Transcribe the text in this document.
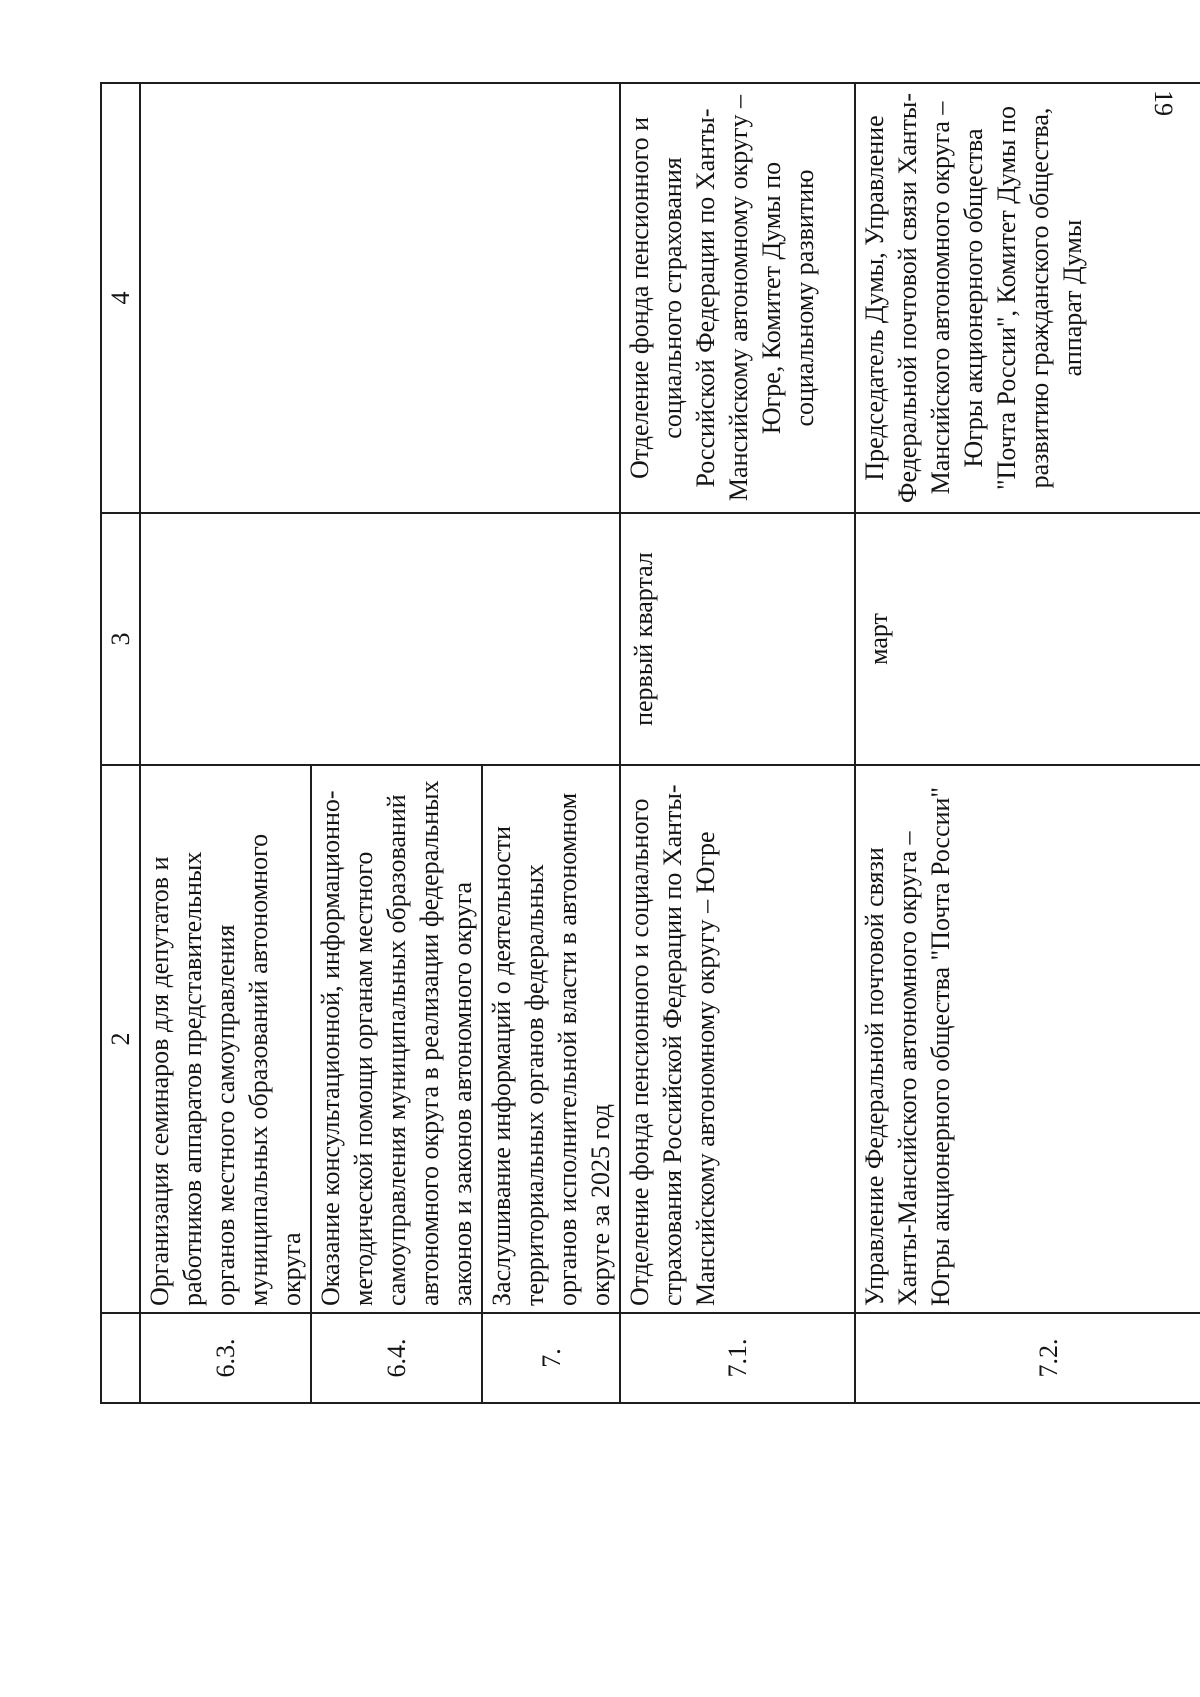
19
	2	3	4
6.3.	Организация семинаров для депутатов и работников аппаратов представительных органов местного самоуправления муниципальных образований автономного округа		
6.4.	Оказание консультационной, информационно-методической помощи органам местного самоуправления муниципальных образований автономного округа в реализации федеральных законов и законов автономного округа		
7.	Заслушивание информаций о деятельности территориальных органов федеральных органов исполнительной власти в автономном округе за 2025 год		
7.1.	Отделение фонда пенсионного и социального страхования Российской Федерации по Ханты-Мансийскому автономному округу – Югре	первый квартал	Отделение фонда пенсионного и социального страхования Российской Федерации по Ханты-Мансийскому автономному округу – Югре, Комитет Думы по социальному развитию
7.2.	Управление Федеральной почтовой связи Ханты-Мансийского автономного округа – Югры акционерного общества "Почта России"	март	Председатель Думы, Управление Федеральной почтовой связи Ханты-Мансийского автономного округа – Югры акционерного общества "Почта России", Комитет Думы по развитию гражданского общества, аппарат Думы
